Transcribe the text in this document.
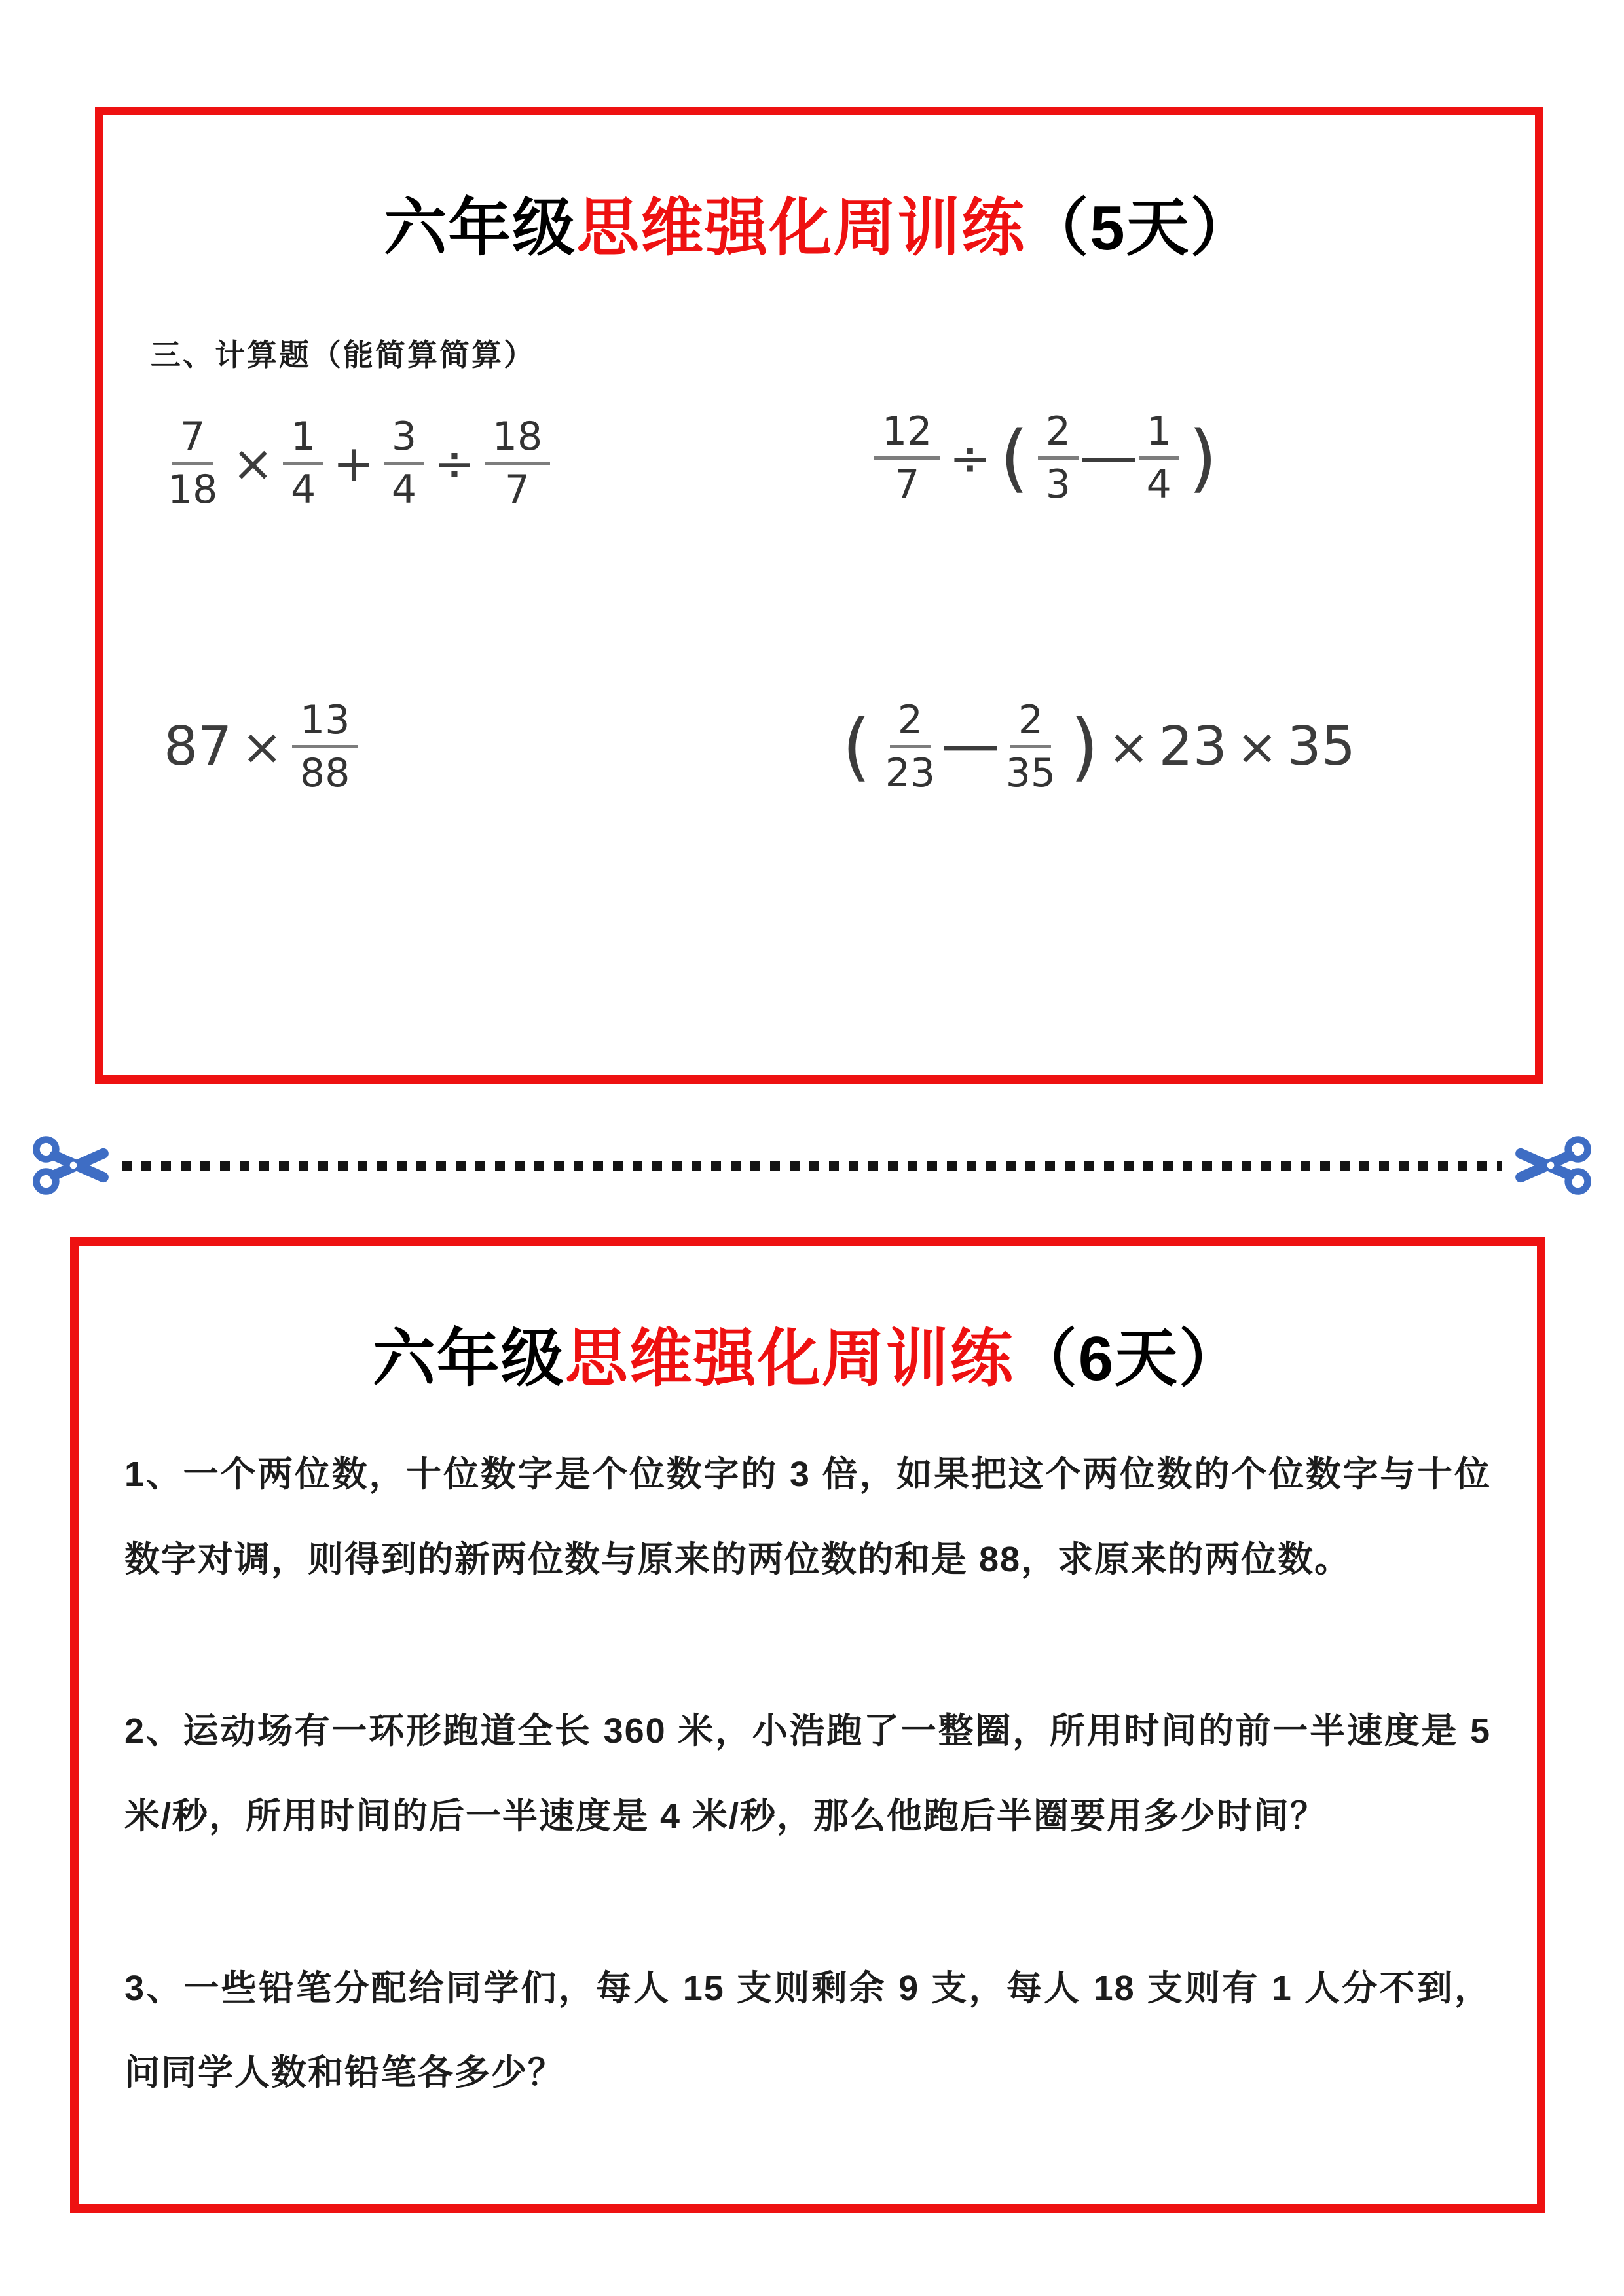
六年级思维强化周训练（5天）
三、计算题（能简算简算）
$\frac{7}{18} \times \frac{1}{4} + \frac{3}{4} \div \frac{18}{7}$	$\frac{12}{7}$ ÷ ( $\frac{2}{3}$
−
$\frac{1}{4}$ )
$87 \times \frac{13}{88}$	( $\frac{2}{23}$
−
$\frac{2}{35}$ ) × 23 × 35
六年级思维强化周训练（6天）

1、一个两位数，十位数字是个位数字的 3 倍，如果把这个两位数的个位数字与十位数字对调，则得到的新两位数与原来的两位数的和是 88，求原来的两位数。

2、运动场有一环形跑道全长 360 米，小浩跑了一整圈，所用时间的前一半速度是 5 米/秒，所用时间的后一半速度是 4 米/秒，那么他跑后半圈要用多少时间？

3、一些铅笔分配给同学们，每人 15 支则剩余 9 支，每人 18 支则有 1 人分不到，问同学人数和铅笔各多少？
